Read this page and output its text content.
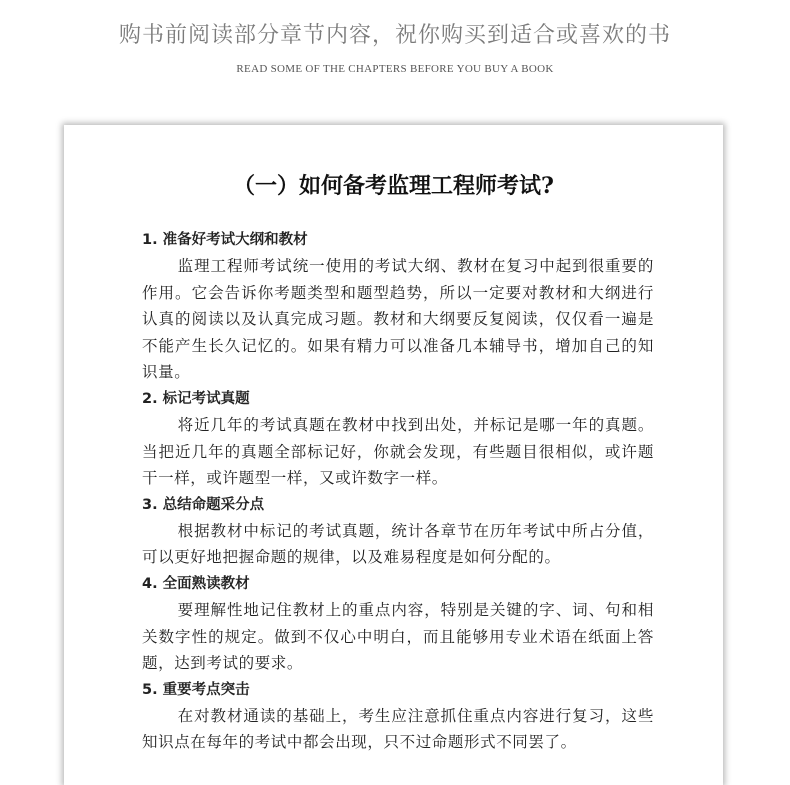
购书前阅读部分章节内容，祝你购买到适合或喜欢的书
READ SOME OF THE CHAPTERS BEFORE YOU BUY A BOOK
（一）如何备考监理工程师考试?

1. 准备好考试大纲和教材

监理工程师考试统一使用的考试大纲、教材在复习中起到很重要的作用。它会告诉你考题类型和题型趋势，所以一定要对教材和大纲进行认真的阅读以及认真完成习题。教材和大纲要反复阅读，仅仅看一遍是不能产生长久记忆的。如果有精力可以准备几本辅导书，增加自己的知识量。

2. 标记考试真题

将近几年的考试真题在教材中找到出处，并标记是哪一年的真题。当把近几年的真题全部标记好，你就会发现，有些题目很相似，或许题干一样，或许题型一样，又或许数字一样。

3. 总结命题采分点

根据教材中标记的考试真题，统计各章节在历年考试中所占分值，可以更好地把握命题的规律，以及难易程度是如何分配的。

4. 全面熟读教材

要理解性地记住教材上的重点内容，特别是关键的字、词、句和相关数字性的规定。做到不仅心中明白，而且能够用专业术语在纸面上答题，达到考试的要求。

5. 重要考点突击

在对教材通读的基础上，考生应注意抓住重点内容进行复习，这些知识点在每年的考试中都会出现，只不过命题形式不同罢了。
